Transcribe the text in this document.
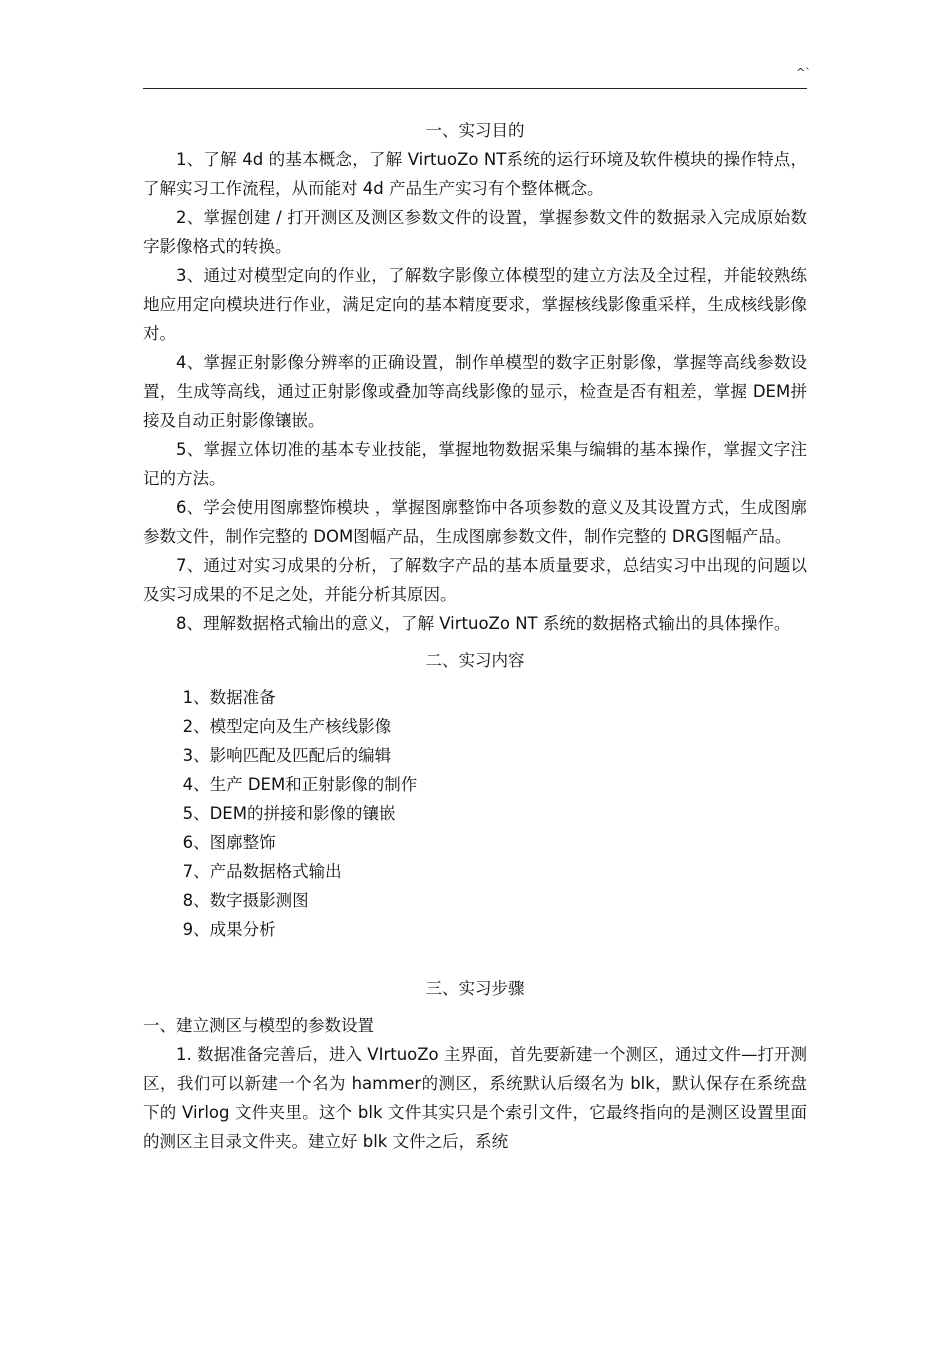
^`

一、实习目的

1、了解 4d 的基本概念，了解 VirtuoZo NT系统的运行环境及软件模块的操作特点，了解实习工作流程，从而能对 4d 产品生产实习有个整体概念。

2、掌握创建 / 打开测区及测区参数文件的设置，掌握参数文件的数据录入完成原始数字影像格式的转换。

3、通过对模型定向的作业，了解数字影像立体模型的建立方法及全过程，并能较熟练地应用定向模块进行作业，满足定向的基本精度要求，掌握核线影像重采样，生成核线影像对。

4、掌握正射影像分辨率的正确设置，制作单模型的数字正射影像，掌握等高线参数设置，生成等高线，通过正射影像或叠加等高线影像的显示，检查是否有粗差，掌握 DEM拼接及自动正射影像镶嵌。

5、掌握立体切准的基本专业技能，掌握地物数据采集与编辑的基本操作，掌握文字注记的方法。

6、学会使用图廓整饰模块 ，掌握图廓整饰中各项参数的意义及其设置方式，生成图廓参数文件，制作完整的 DOM图幅产品，生成图廓参数文件，制作完整的 DRG图幅产品。

7、通过对实习成果的分析，了解数字产品的基本质量要求，总结实习中出现的问题以及实习成果的不足之处，并能分析其原因。

8、理解数据格式输出的意义，了解 VirtuoZo NT 系统的数据格式输出的具体操作。

二、实习内容

1、数据准备
2、模型定向及生产核线影像
3、影响匹配及匹配后的编辑
4、生产 DEM和正射影像的制作
5、DEM的拼接和影像的镶嵌
6、图廓整饰
7、产品数据格式输出
8、数字摄影测图
9、成果分析

三、实习步骤

一、建立测区与模型的参数设置

1. 数据准备完善后，进入 VIrtuoZo 主界面，首先要新建一个测区，通过文件—打开测区，我们可以新建一个名为 hammer的测区，系统默认后缀名为 blk，默认保存在系统盘下的 Virlog 文件夹里。这个 blk 文件其实只是个索引文件，它最终指向的是测区设置里面的测区主目录文件夹。建立好 blk 文件之后，系统
